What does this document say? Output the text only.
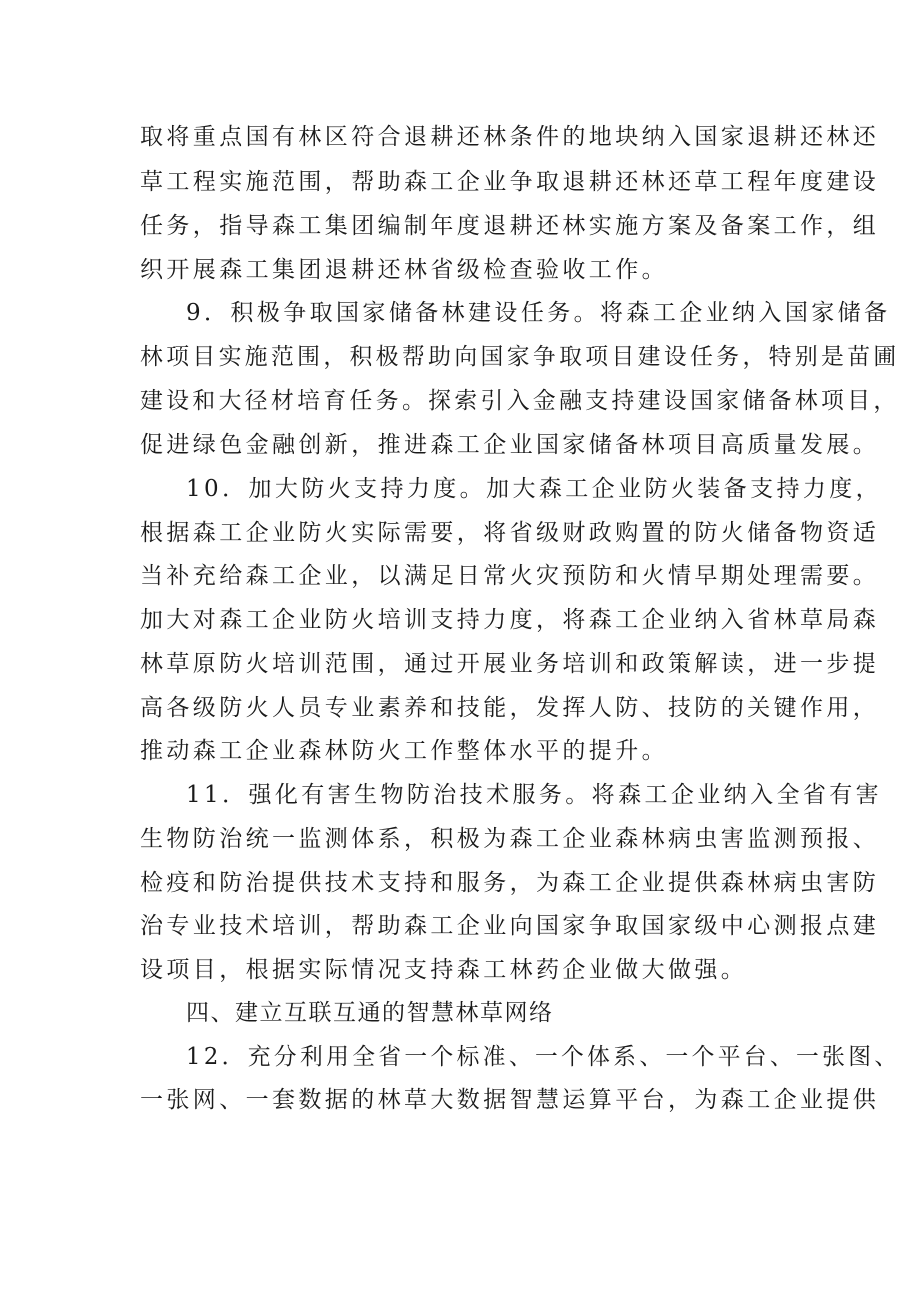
取将重点国有林区符合退耕还林条件的地块纳入国家退耕还林还
草工程实施范围，帮助森工企业争取退耕还林还草工程年度建设
任务，指导森工集团编制年度退耕还林实施方案及备案工作，组
织开展森工集团退耕还林省级检查验收工作。
9．积极争取国家储备林建设任务。将森工企业纳入国家储备
林项目实施范围，积极帮助向国家争取项目建设任务，特别是苗圃
建设和大径材培育任务。探索引入金融支持建设国家储备林项目，
促进绿色金融创新，推进森工企业国家储备林项目高质量发展。
10．加大防火支持力度。加大森工企业防火装备支持力度，
根据森工企业防火实际需要，将省级财政购置的防火储备物资适
当补充给森工企业，以满足日常火灾预防和火情早期处理需要。
加大对森工企业防火培训支持力度，将森工企业纳入省林草局森
林草原防火培训范围，通过开展业务培训和政策解读，进一步提
高各级防火人员专业素养和技能，发挥人防、技防的关键作用，
推动森工企业森林防火工作整体水平的提升。
11．强化有害生物防治技术服务。将森工企业纳入全省有害
生物防治统一监测体系，积极为森工企业森林病虫害监测预报、
检疫和防治提供技术支持和服务，为森工企业提供森林病虫害防
治专业技术培训，帮助森工企业向国家争取国家级中心测报点建
设项目，根据实际情况支持森工林药企业做大做强。
四、建立互联互通的智慧林草网络
12．充分利用全省一个标准、一个体系、一个平台、一张图、
一张网、一套数据的林草大数据智慧运算平台，为森工企业提供
